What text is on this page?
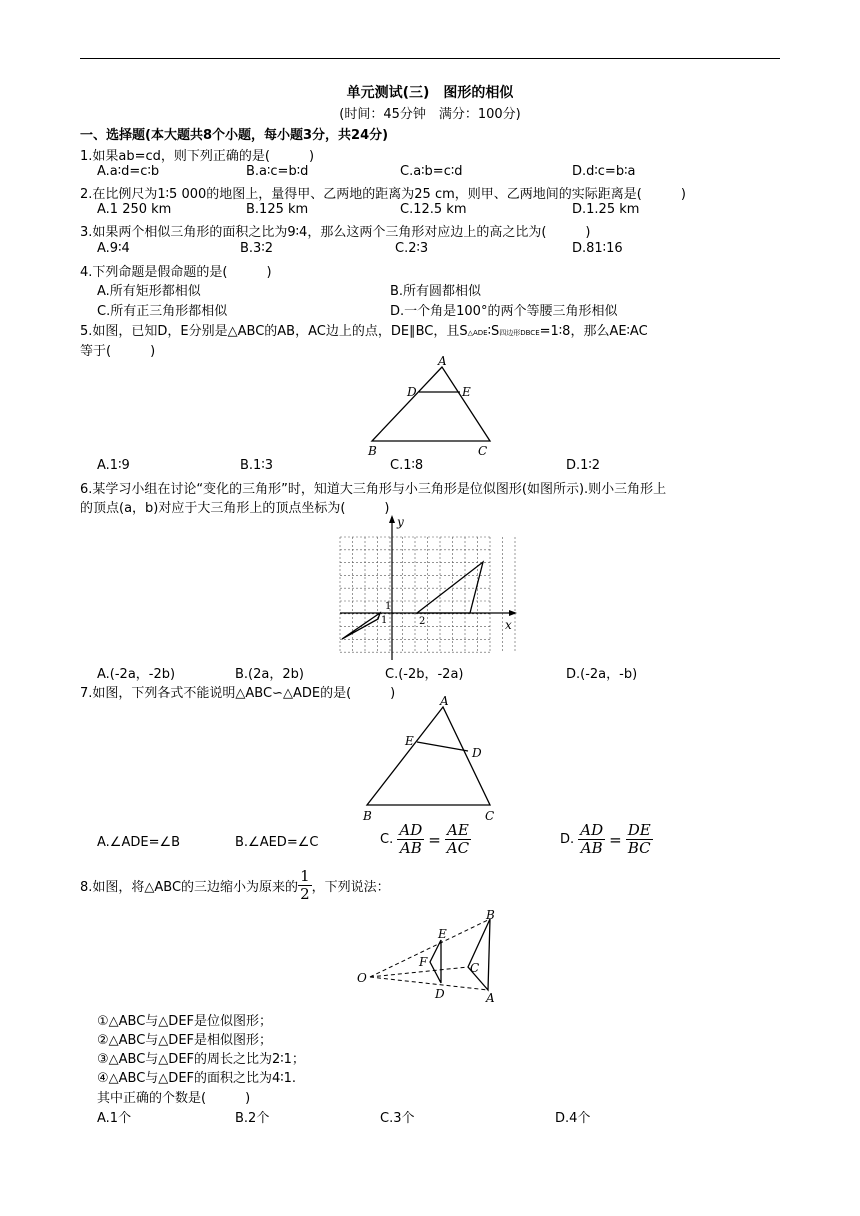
单元测试(三)　图形的相似
(时间：45分钟　满分：100分)
一、选择题(本大题共8个小题，每小题3分，共24分)
1.如果ab=cd，则下列正确的是(　　　)
A.a∶d=c∶b	B.a∶c=b∶d	C.a∶b=c∶d	D.d∶c=b∶a
2.在比例尺为1∶5 000的地图上，量得甲、乙两地的距离为25 cm，则甲、乙两地间的实际距离是(　　　)
A.1 250 km	B.125 km	C.12.5 km	D.1.25 km
3.如果两个相似三角形的面积之比为9∶4，那么这两个三角形对应边上的高之比为(　　　)
A.9∶4	B.3∶2	C.2∶3	D.81∶16
4.下列命题是假命题的是(　　　)
A.所有矩形都相似	B.所有圆都相似
C.所有正三角形都相似	D.一个角是100°的两个等腰三角形相似
5.如图，已知D，E分别是△ABC的AB，AC边上的点，DE∥BC，且S△ADE∶S四边形DBCE=1∶8，那么AE∶AC
等于(　　　)
A
D	E
B	C
A.1∶9	B.1∶3	C.1∶8	D.1∶2
6.某学习小组在讨论“变化的三角形”时，知道大三角形与小三角形是位似图形(如图所示).则小三角形上
的顶点(a，b)对应于大三角形上的顶点坐标为(　　　)
y
x
1
1
2
A.(-2a，-2b)	B.(2a，2b)	C.(-2b，-2a)	D.(-2a，-b)
7.如图，下列各式不能说明△ABC∽△ADE的是(　　　)	A
E
D
B	C
A.∠ADE=∠B	B.∠AED=∠C	C. $\frac{AD}{AB} = \frac{AE}{AC}$	D. $\frac{AD}{AB} = \frac{DE}{BC}$
8.如图，将△ABC的三边缩小为原来的 $\frac{1}{2}$ ，下列说法：
O
E
F
D
B
C
A
①△ABC与△DEF是位似图形；
②△ABC与△DEF是相似图形；
③△ABC与△DEF的周长之比为2∶1；
④△ABC与△DEF的面积之比为4∶1.
其中正确的个数是(　　　)
A.1个	B.2个	C.3个	D.4个
